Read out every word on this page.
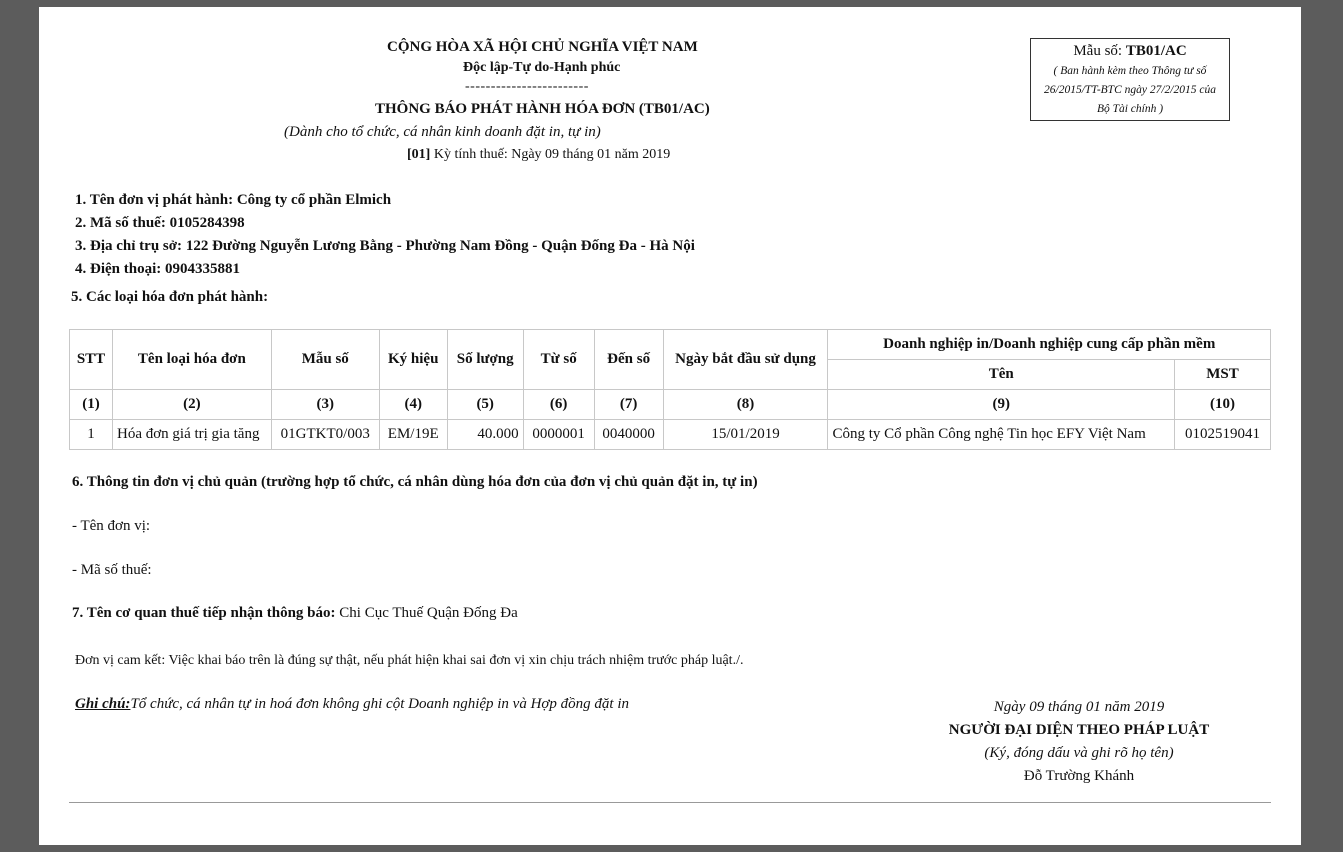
CỘNG HÒA XÃ HỘI CHỦ NGHĨA VIỆT NAM
Độc lập-Tự do-Hạnh phúc
------------------------
THÔNG BÁO PHÁT HÀNH HÓA ĐƠN (TB01/AC)
(Dành cho tổ chức, cá nhân kinh doanh đặt in, tự in)
[01] Kỳ tính thuế: Ngày 09 tháng 01 năm 2019
Mẫu số: TB01/AC
( Ban hành kèm theo Thông tư số
26/2015/TT-BTC ngày 27/2/2015 của
Bộ Tài chính )
1. Tên đơn vị phát hành: Công ty cổ phần Elmich
2. Mã số thuế: 0105284398
3. Địa chỉ trụ sở: 122 Đường Nguyễn Lương Bằng - Phường Nam Đồng - Quận Đống Đa - Hà Nội
4. Điện thoại: 0904335881
5. Các loại hóa đơn phát hành:
STT	Tên loại hóa đơn	Mẫu số	Ký hiệu	Số lượng	Từ số	Đến số	Ngày bắt đầu sử dụng	Doanh nghiệp in/Doanh nghiệp cung cấp phần mềm	
								Tên	MST
(1)	(2)	(3)	(4)	(5)	(6)	(7)	(8)	(9)	(10)
1	Hóa đơn giá trị gia tăng	01GTKT0/003	EM/19E	40.000	0000001	0040000	15/01/2019	Công ty Cổ phần Công nghệ Tin học EFY Việt Nam	0102519041
6. Thông tin đơn vị chủ quản (trường hợp tổ chức, cá nhân dùng hóa đơn của đơn vị chủ quản đặt in, tự in)
- Tên đơn vị:
- Mã số thuế:
7. Tên cơ quan thuế tiếp nhận thông báo: Chi Cục Thuế Quận Đống Đa
Đơn vị cam kết: Việc khai báo trên là đúng sự thật, nếu phát hiện khai sai đơn vị xin chịu trách nhiệm trước pháp luật./.
Ghi chú:Tổ chức, cá nhân tự in hoá đơn không ghi cột Doanh nghiệp in và Hợp đồng đặt in	Ngày 09 tháng 01 năm 2019
NGƯỜI ĐẠI DIỆN THEO PHÁP LUẬT
(Ký, đóng dấu và ghi rõ họ tên)
Đỗ Trường Khánh
